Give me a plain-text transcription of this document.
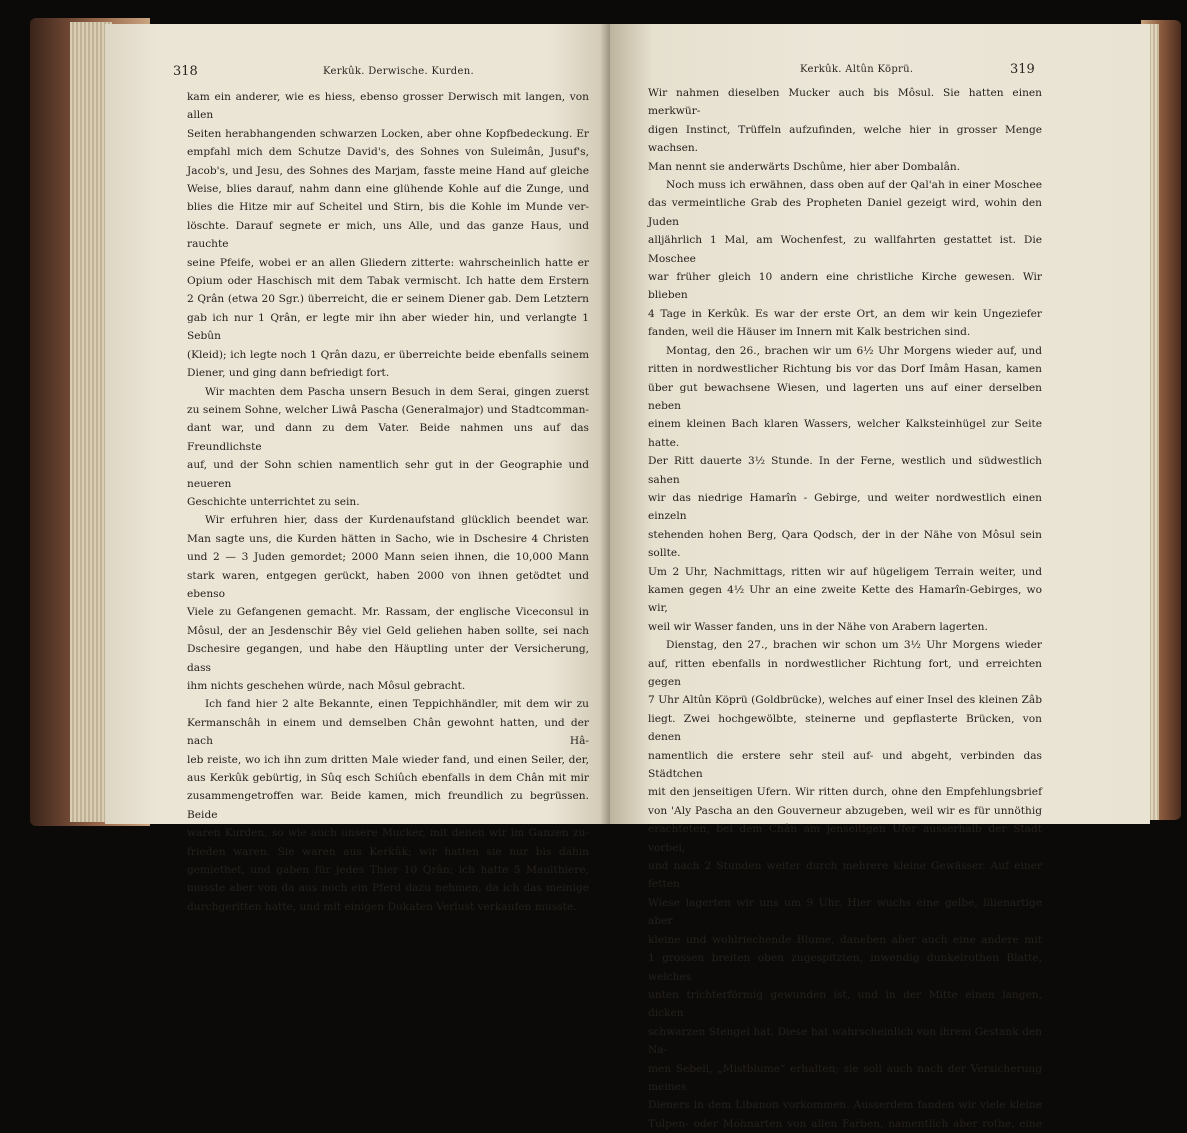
318	Kerkûk. Derwische. Kurden.

kam ein anderer, wie es hiess, ebenso grosser Derwisch mit langen, von allen

Seiten herabhangenden schwarzen Locken, aber ohne Kopfbedeckung. Er

empfahl mich dem Schutze David's, des Sohnes von Suleimân, Jusuf's,

Jacob's, und Jesu, des Sohnes des Marjam, fasste meine Hand auf gleiche

Weise, blies darauf, nahm dann eine glühende Kohle auf die Zunge, und

blies die Hitze mir auf Scheitel und Stirn, bis die Kohle im Munde ver-

löschte. Darauf segnete er mich, uns Alle, und das ganze Haus, und rauchte

seine Pfeife, wobei er an allen Gliedern zitterte: wahrscheinlich hatte er

Opium oder Haschisch mit dem Tabak vermischt. Ich hatte dem Erstern

2 Qrân (etwa 20 Sgr.) überreicht, die er seinem Diener gab. Dem Letztern

gab ich nur 1 Qrân, er legte mir ihn aber wieder hin, und verlangte 1 Sebûn

(Kleid); ich legte noch 1 Qrân dazu, er überreichte beide ebenfalls seinem

Diener, und ging dann befriedigt fort.

Wir machten dem Pascha unsern Besuch in dem Serai, gingen zuerst

zu seinem Sohne, welcher Liwâ Pascha (Generalmajor) und Stadtcomman-

dant war, und dann zu dem Vater. Beide nahmen uns auf das Freundlichste

auf, und der Sohn schien namentlich sehr gut in der Geographie und neueren

Geschichte unterrichtet zu sein.

Wir erfuhren hier, dass der Kurdenaufstand glücklich beendet war.

Man sagte uns, die Kurden hätten in Sacho, wie in Dschesire 4 Christen

und 2 — 3 Juden gemordet; 2000 Mann seien ihnen, die 10,000 Mann

stark waren, entgegen gerückt, haben 2000 von ihnen getödtet und ebenso

Viele zu Gefangenen gemacht. Mr. Rassam, der englische Viceconsul in

Môsul, der an Jesdenschir Bêy viel Geld geliehen haben sollte, sei nach

Dschesire gegangen, und habe den Häuptling unter der Versicherung, dass

ihm nichts geschehen würde, nach Môsul gebracht.

Ich fand hier 2 alte Bekannte, einen Teppichhändler, mit dem wir zu

Kermanschâh in einem und demselben Chân gewohnt hatten, und der nach Hâ-

leb reiste, wo ich ihn zum dritten Male wieder fand, und einen Seiler, der,

aus Kerkûk gebürtig, in Sûq esch Schiûch ebenfalls in dem Chân mit mir

zusammengetroffen war. Beide kamen, mich freundlich zu begrüssen. Beide

waren Kurden, so wie auch unsere Mucker, mit denen wir im Ganzen zu-

frieden waren. Sie waren aus Kerkûk; wir hatten sie nur bis dahin

gemiethet, und gaben für jedes Thier 10 Qrân; ich hatte 5 Maulthiere,

musste aber von da aus noch ein Pferd dazu nehmen, da ich das meinige

durchgeritten hatte, und mit einigen Dukaten Verlust verkaufen musste.

Kerkûk. Altûn Köprü.	319

Wir nahmen dieselben Mucker auch bis Môsul. Sie hatten einen merkwür-

digen Instinct, Trüffeln aufzufinden, welche hier in grosser Menge wachsen.

Man nennt sie anderwärts Dschûme, hier aber Dombalân.

Noch muss ich erwähnen, dass oben auf der Qal'ah in einer Moschee

das vermeintliche Grab des Propheten Daniel gezeigt wird, wohin den Juden

alljährlich 1 Mal, am Wochenfest, zu wallfahrten gestattet ist. Die Moschee

war früher gleich 10 andern eine christliche Kirche gewesen. Wir blieben

4 Tage in Kerkûk. Es war der erste Ort, an dem wir kein Ungeziefer

fanden, weil die Häuser im Innern mit Kalk bestrichen sind.

Montag, den 26., brachen wir um 6½ Uhr Morgens wieder auf, und

ritten in nordwestlicher Richtung bis vor das Dorf Imâm Hasan, kamen

über gut bewachsene Wiesen, und lagerten uns auf einer derselben neben

einem kleinen Bach klaren Wassers, welcher Kalksteinhügel zur Seite hatte.

Der Ritt dauerte 3½ Stunde. In der Ferne, westlich und südwestlich sahen

wir das niedrige Hamarîn - Gebirge, und weiter nordwestlich einen einzeln

stehenden hohen Berg, Qara Qodsch, der in der Nähe von Môsul sein sollte.

Um 2 Uhr, Nachmittags, ritten wir auf hügeligem Terrain weiter, und

kamen gegen 4½ Uhr an eine zweite Kette des Hamarîn-Gebirges, wo wir,

weil wir Wasser fanden, uns in der Nähe von Arabern lagerten.

Dienstag, den 27., brachen wir schon um 3½ Uhr Morgens wieder

auf, ritten ebenfalls in nordwestlicher Richtung fort, und erreichten gegen

7 Uhr Altûn Köprü (Goldbrücke), welches auf einer Insel des kleinen Zâb

liegt. Zwei hochgewölbte, steinerne und gepflasterte Brücken, von denen

namentlich die erstere sehr steil auf- und abgeht, verbinden das Städtchen

mit den jenseitigen Ufern. Wir ritten durch, ohne den Empfehlungsbrief

von 'Aly Pascha an den Gouverneur abzugeben, weil wir es für unnöthig

erachteten, bei dem Chân am jenseitigen Ufer ausserhalb der Stadt vorbei,

und nach 2 Stunden weiter durch mehrere kleine Gewässer. Auf einer fetten

Wiese lagerten wir uns um 9 Uhr. Hier wuchs eine gelbe, lilienartige aber

kleine und wohlriechende Blume, daneben aber auch eine andere mit

1 grossen breiten oben zugespitzten, inwendig dunkelrothen Blatte, welches

unten trichterförmig gewunden ist, und in der Mitte einen langen, dicken

schwarzen Stengel hat. Diese hat wahrscheinlich von ihrem Gestank den Na-

men Sebeli, „Mistblume“ erhalten; sie soll auch nach der Versicherung meines

Dieners in dem Libanon vorkommen. Ausserdem fanden wir viele kleine

Tulpen- oder Mohnarten von allen Farben, namentlich aber rothe, eine
